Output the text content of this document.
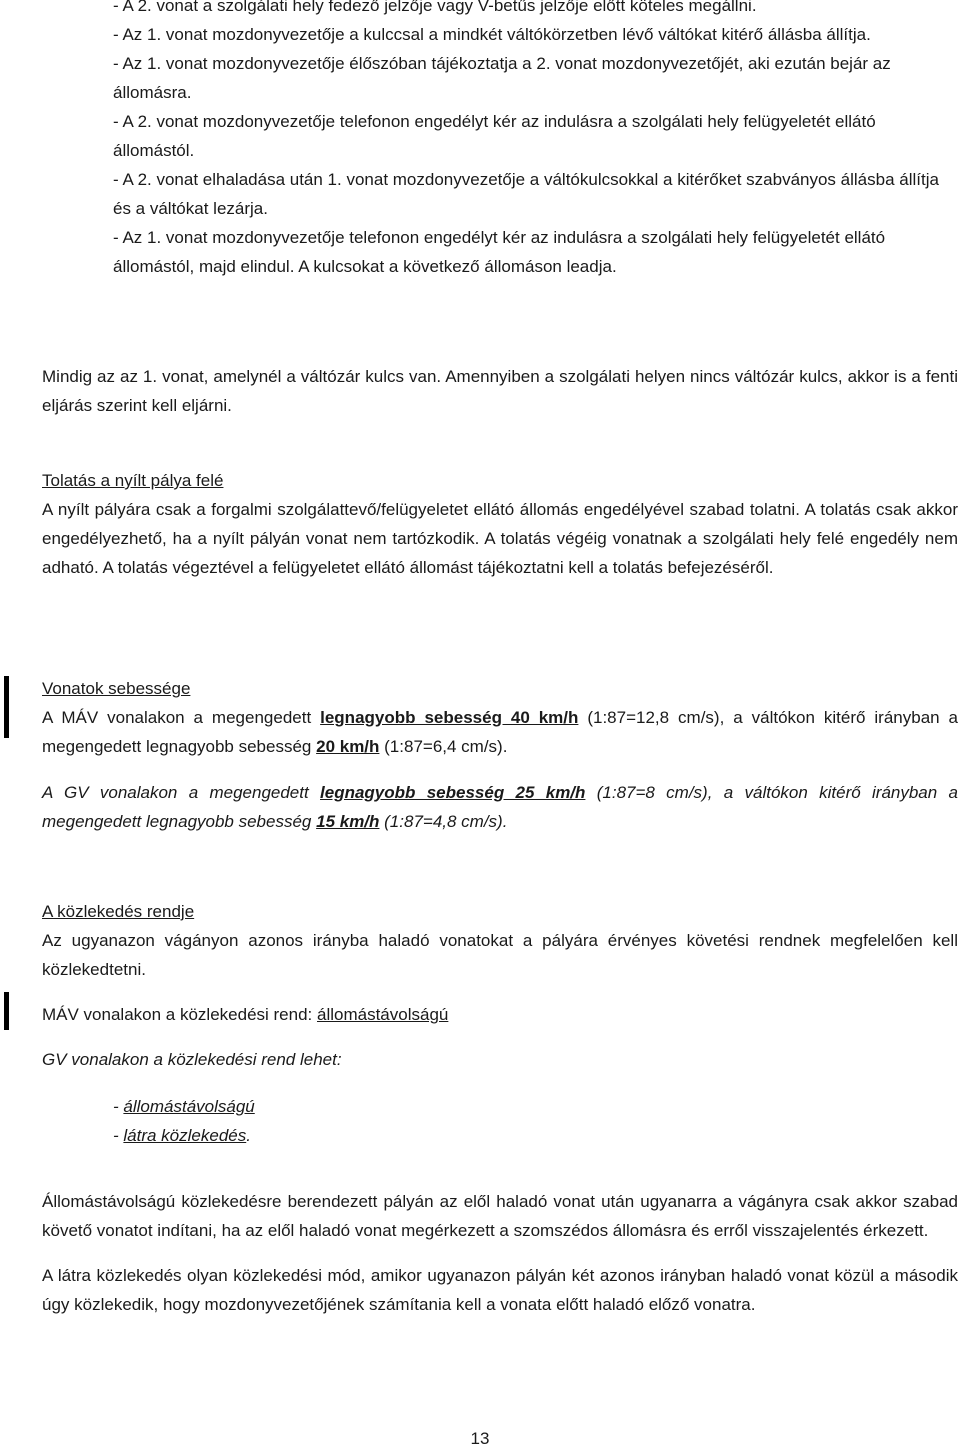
- A 2. vonat a szolgálati hely fedező jelzője vagy V-betűs jelzője előtt köteles megállni.

- Az 1. vonat mozdonyvezetője a kulccsal a mindkét váltókörzetben lévő váltókat kitérő állásba állítja.

- Az 1. vonat mozdonyvezetője élőszóban tájékoztatja a 2. vonat mozdonyvezetőjét, aki ezután bejár az állomásra.

- A 2. vonat mozdonyvezetője telefonon engedélyt kér az indulásra a szolgálati hely felügyeletét ellátó állomástól.

- A 2. vonat elhaladása után 1. vonat mozdonyvezetője a váltókulcsokkal a kitérőket szabványos állásba állítja és a váltókat lezárja.

- Az 1. vonat mozdonyvezetője telefonon engedélyt kér az indulásra a szolgálati hely felügyeletét ellátó állomástól, majd elindul. A kulcsokat a következő állomáson leadja.

Mindig az az 1. vonat, amelynél a váltózár kulcs van. Amennyiben a szolgálati helyen nincs váltózár kulcs, akkor is a fenti eljárás szerint kell eljárni.

Tolatás a nyílt pálya felé

A nyílt pályára csak a forgalmi szolgálattevő/felügyeletet ellátó állomás engedélyével szabad tolatni. A tolatás csak akkor engedélyezhető, ha a nyílt pályán vonat nem tartózkodik. A tolatás végéig vonatnak a szolgálati hely felé engedély nem adható. A tolatás végeztével a felügyeletet ellátó állomást tájékoztatni kell a tolatás befejezéséről.

Vonatok sebessége

A MÁV vonalakon a megengedett legnagyobb sebesség 40 km/h (1:87=12,8 cm/s), a váltókon kitérő irányban a megengedett legnagyobb sebesség 20 km/h (1:87=6,4 cm/s).

A GV vonalakon a megengedett legnagyobb sebesség 25 km/h (1:87=8 cm/s), a váltókon kitérő irányban a megengedett legnagyobb sebesség 15 km/h (1:87=4,8 cm/s).

A közlekedés rendje

Az ugyanazon vágányon azonos irányba haladó vonatokat a pályára érvényes követési rendnek megfelelően kell közlekedtetni.

MÁV vonalakon a közlekedési rend: állomástávolságú

GV vonalakon a közlekedési rend lehet:

- állomástávolságú

- látra közlekedés.

Állomástávolságú közlekedésre berendezett pályán az elől haladó vonat után ugyanarra a vágányra csak akkor szabad követő vonatot indítani, ha az elől haladó vonat megérkezett a szomszédos állomásra és erről visszajelentés érkezett.

A látra közlekedés olyan közlekedési mód, amikor ugyanazon pályán két azonos irányban haladó vonat közül a második úgy közlekedik, hogy mozdonyvezetőjének számítania kell a vonata előtt haladó előző vonatra.

13
